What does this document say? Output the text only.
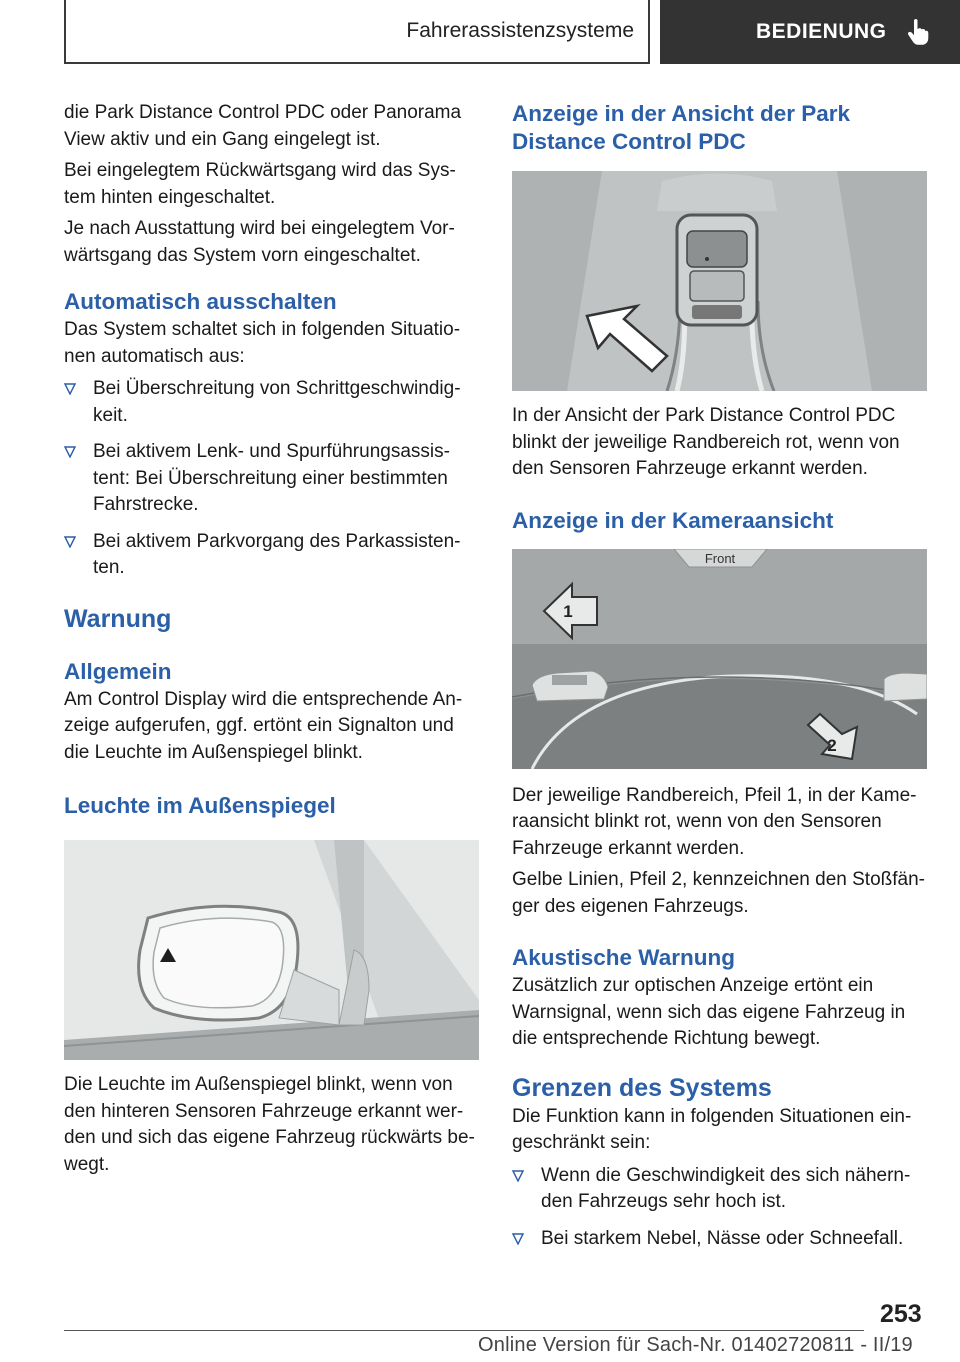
Fahrerassistenzsysteme	BEDIENUNG

die Park Distance Control PDC oder Panorama View aktiv und ein Gang eingelegt ist.

Bei eingelegtem Rückwärtsgang wird das System hinten eingeschaltet.

Je nach Ausstattung wird bei eingelegtem Vorwärtsgang das System vorn eingeschaltet.

Automatisch ausschalten

Das System schaltet sich in folgenden Situationen automatisch aus:

Bei Überschreitung von Schrittgeschwindigkeit.
Bei aktivem Lenk- und Spurführungsassistent: Bei Überschreitung einer bestimmten Fahrstrecke.
Bei aktivem Parkvorgang des Parkassistenten.
Warnung
Allgemein

Am Control Display wird die entsprechende Anzeige aufgerufen, ggf. ertönt ein Signalton und die Leuchte im Außenspiegel blinkt.

Leuchte im Außenspiegel

Die Leuchte im Außenspiegel blinkt, wenn von den hinteren Sensoren Fahrzeuge erkannt werden und sich das eigene Fahrzeug rückwärts bewegt.

Anzeige in der Ansicht der Park Distance Control PDC

In der Ansicht der Park Distance Control PDC blinkt der jeweilige Randbereich rot, wenn von den Sensoren Fahrzeuge erkannt werden.

Anzeige in der Kameraansicht
Front
1
2

Der jeweilige Randbereich, Pfeil 1, in der Kameraansicht blinkt rot, wenn von den Sensoren Fahrzeuge erkannt werden.

Gelbe Linien, Pfeil 2, kennzeichnen den Stoßfänger des eigenen Fahrzeugs.

Akustische Warnung

Zusätzlich zur optischen Anzeige ertönt ein Warnsignal, wenn sich das eigene Fahrzeug in die entsprechende Richtung bewegt.

Grenzen des Systems

Die Funktion kann in folgenden Situationen eingeschränkt sein:

Wenn die Geschwindigkeit des sich nähernden Fahrzeugs sehr hoch ist.
Bei starkem Nebel, Nässe oder Schneefall.
253
Online Version für Sach-Nr. 01402720811 - II/19
